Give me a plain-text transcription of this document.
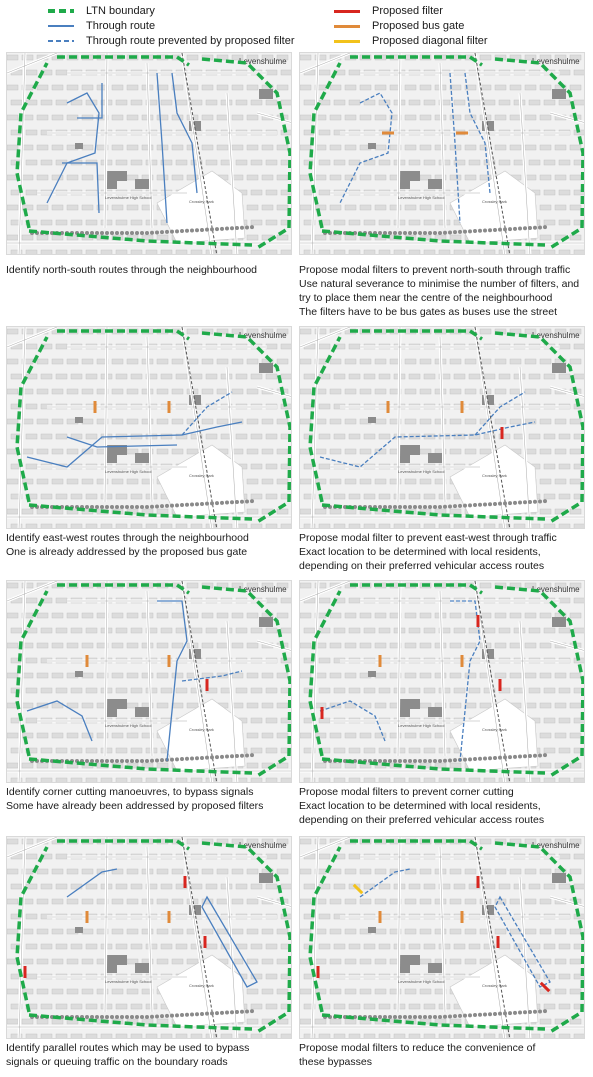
LTN boundary
Through route
Through route prevented by proposed filter
Proposed filter
Proposed bus gate
Proposed diagonal filter
Levenshulme
Crossley Park
Levenshulme High School
Identify north-south routes through the neighbourhood
Levenshulme
Crossley Park
Levenshulme High School
Propose modal filters to prevent north-south through traffic
Use natural severance to minimise the number of filters, and
try to place them near the centre of the neighbourhood
The filters have to be bus gates as buses use the street
Levenshulme
Crossley Park
Levenshulme High School
Identify east-west routes through the neighbourhood
One is already addressed by the proposed bus gate
Levenshulme
Crossley Park
Levenshulme High School
Propose modal filter to prevent east-west through traffic
Exact location to be determined with local residents,
depending on their preferred vehicular access routes
Levenshulme
Crossley Park
Levenshulme High School
Identify corner cutting manoeuvres, to bypass signals
Some have already been addressed by proposed filters
Levenshulme
Crossley Park
Levenshulme High School
Propose modal filters to prevent corner cutting
Exact location to be determined with local residents,
depending on their preferred vehicular access routes
Levenshulme
Crossley Park
Levenshulme High School
Identify parallel routes which may be used to bypass
signals or queuing traffic on the boundary roads
Levenshulme
Crossley Park
Levenshulme High School
Propose modal filters to reduce the convenience of
these bypasses
